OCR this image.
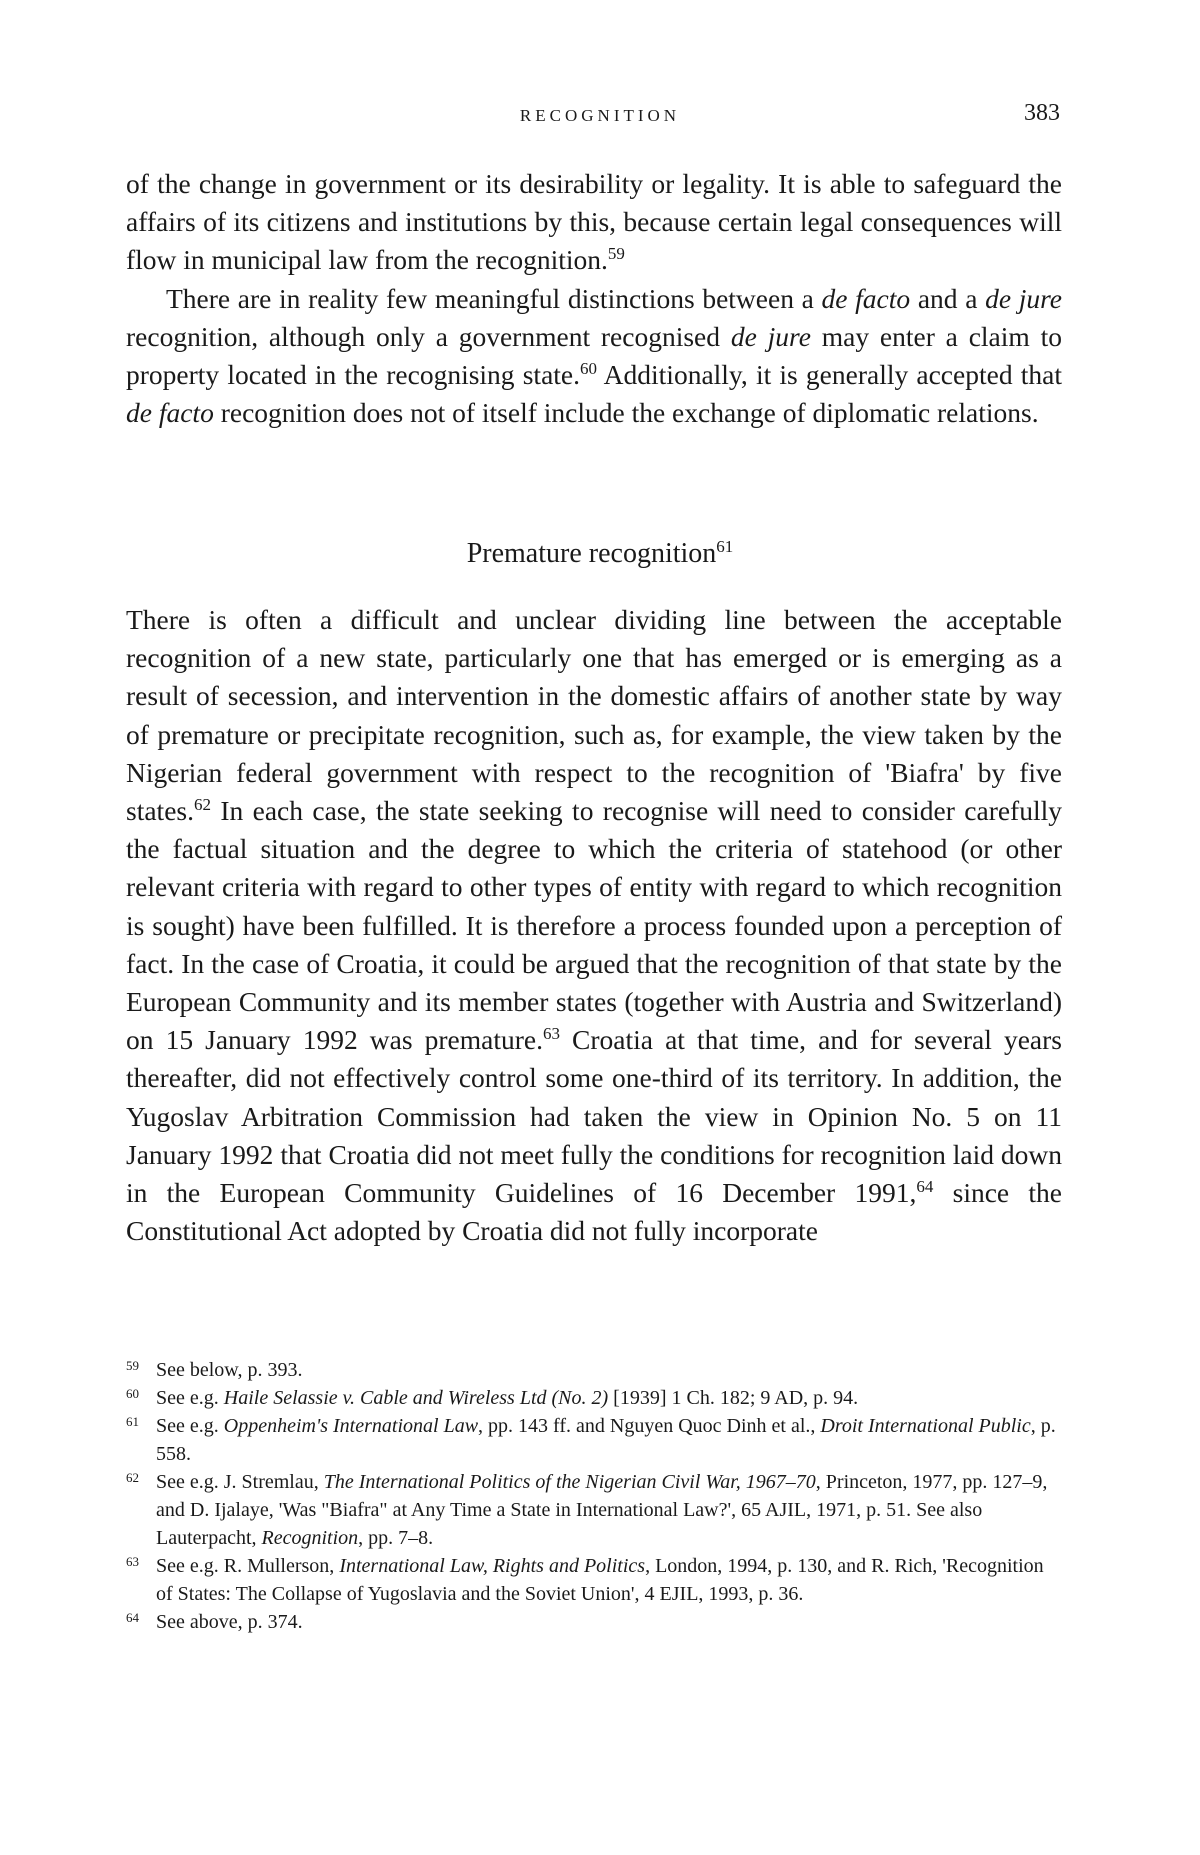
RECOGNITION	383

of the change in government or its desirability or legality. It is able to safeguard the affairs of its citizens and institutions by this, because certain legal consequences will flow in municipal law from the recognition.$^{59}$

There are in reality few meaningful distinctions between a de facto and a de jure recognition, although only a government recognised de jure may enter a claim to property located in the recognising state.$^{60}$ Additionally, it is generally accepted that de facto recognition does not of itself include the exchange of diplomatic relations.

Premature recognition$^{61}$

There is often a difficult and unclear dividing line between the acceptable recognition of a new state, particularly one that has emerged or is emerging as a result of secession, and intervention in the domestic affairs of another state by way of premature or precipitate recognition, such as, for example, the view taken by the Nigerian federal government with respect to the recognition of 'Biafra' by five states.$^{62}$ In each case, the state seeking to recognise will need to consider carefully the factual situation and the degree to which the criteria of statehood (or other relevant criteria with regard to other types of entity with regard to which recognition is sought) have been fulfilled. It is therefore a process founded upon a perception of fact. In the case of Croatia, it could be argued that the recognition of that state by the European Community and its member states (together with Austria and Switzerland) on 15 January 1992 was premature.$^{63}$ Croatia at that time, and for several years thereafter, did not effectively control some one-third of its territory. In addition, the Yugoslav Arbitration Commission had taken the view in Opinion No. 5 on 11 January 1992 that Croatia did not meet fully the conditions for recognition laid down in the European Community Guidelines of 16 December 1991,64 since the Constitutional Act adopted by Croatia did not fully incorporate

59 See below, p. 393.

60 See e.g. Haile Selassie v. Cable and Wireless Ltd (No. 2) [1939] 1 Ch. 182; 9 AD, p. 94.

61 See e.g. Oppenheim's International Law, pp. 143 ff. and Nguyen Quoc Dinh et al., Droit International Public, p. 558.

62 See e.g. J. Stremlau, The International Politics of the Nigerian Civil War, 1967–70, Princeton, 1977, pp. 127–9, and D. Ijalaye, 'Was "Biafra" at Any Time a State in International Law?', 65 AJIL, 1971, p. 51. See also Lauterpacht, Recognition, pp. 7–8.

63 See e.g. R. Mullerson, International Law, Rights and Politics, London, 1994, p. 130, and R. Rich, 'Recognition of States: The Collapse of Yugoslavia and the Soviet Union', 4 EJIL, 1993, p. 36.

64 See above, p. 374.
